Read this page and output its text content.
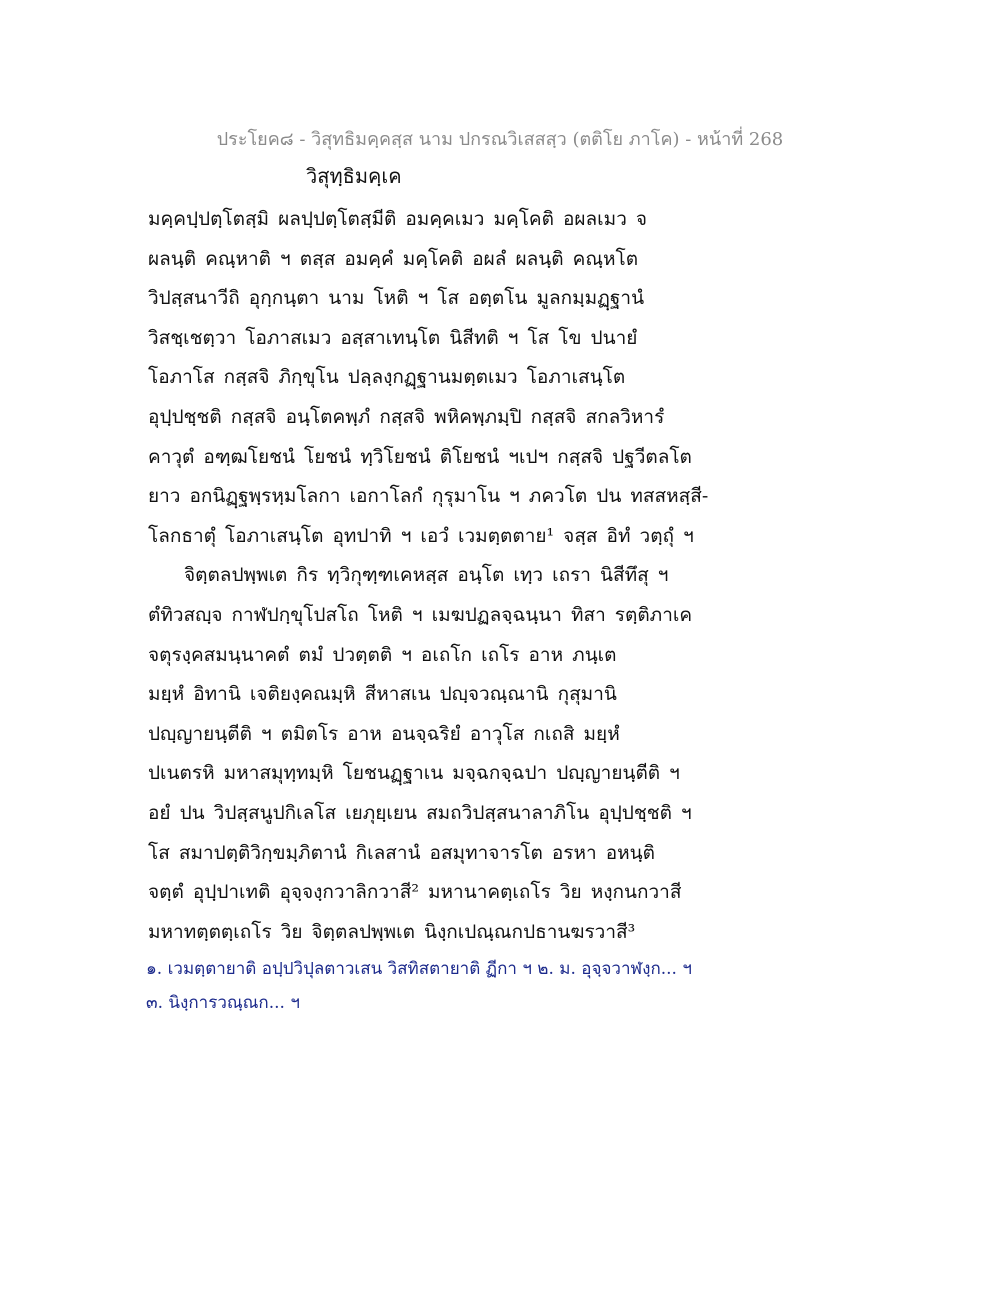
ประโยค๘ - วิสุทธิมคฺคสฺส นาม ปกรณวิเสสสฺว (ตติโย ภาโค) - หน้าที่ 268
วิสุทฺธิมคฺเค
มคฺคปฺปตฺโตสฺมิ ผลปฺปตฺโตสฺมีติ อมคฺคเมว มคฺโคติ อผลเมว จ
ผลนฺติ คณฺหาติ ฯ ตสฺส อมคฺคํ มคฺโคติ อผลํ ผลนฺติ คณฺหโต
วิปสฺสนาวีถิ อุกฺกนฺตา นาม โหติ ฯ โส อตฺตโน มูลกมฺมฏฺฐานํ
วิสชฺเชตฺวา โอภาสเมว อสฺสาเทนฺโต นิสีทติ ฯ โส โข ปนายํ
โอภาโส กสฺสจิ ภิกฺขุโน ปลฺลงฺกฏฺฐานมตฺตเมว โอภาเสนฺโต
อุปฺปชฺชติ กสฺสจิ อนฺโตคพฺภํ กสฺสจิ พหิคพฺภมฺปิ กสฺสจิ สกลวิหารํ
คาวุตํ อฑฺฒโยชนํ โยชนํ ทฺวิโยชนํ ติโยชนํ ฯเปฯ กสฺสจิ ปฐวีตลโต
ยาว อกนิฏฺฐพฺรหฺมโลกา เอกาโลกํ กุรุมาโน ฯ ภควโต ปน ทสสหสฺสี-
โลกธาตุํ โอภาเสนฺโต อุทปาทิ ฯ เอวํ เวมตฺตตาย¹ จสฺส อิทํ วตฺถุํ ฯ
จิตฺตลปพฺพเต กิร ทฺวิกุฑฺฑเคหสฺส อนฺโต เทฺว เถรา นิสีทึสุ ฯ
ตํทิวสญฺจ กาฬปกฺขุโปสโถ โหติ ฯ เมฆปฏลจฺฉนฺนา ทิสา รตฺติภาเค
จตุรงฺคสมนฺนาคตํ ตมํ ปวตฺตติ ฯ อเถโก เถโร อาห ภนฺเต
มยฺหํ อิทานิ เจติยงฺคณมฺหิ สีหาสเน ปญฺจวณฺณานิ กุสุมานิ
ปญฺญายนฺตีติ ฯ ตมิตโร อาห อนจฺฉริยํ อาวุโส กเถสิ มยฺหํ
ปเนตรหิ มหาสมุทฺทมฺหิ โยชนฏฺฐาเน มจฺฉกจฺฉปา ปญฺญายนฺตีติ ฯ
อยํ ปน วิปสฺสนูปกิเลโส เยภุยฺเยน สมถวิปสฺสนาลาภิโน อุปฺปชฺชติ ฯ
โส สมาปตฺติวิกฺขมฺภิตานํ กิเลสานํ อสมุทาจารโต อรหา อหนฺติ
จตฺตํ อุปฺปาเทติ อุจฺจงฺกวาลิกวาสี² มหานาคตฺเถโร วิย หงฺกนกวาสี
มหาทตฺตตฺเถโร วิย จิตฺตลปพฺพเต นิงฺกเปณฺณกปธานฆรวาสี³
๑. เวมตฺตายาติ อปฺปวิปุลตาวเสน วิสทิสตายาติ ฏีกา ฯ ๒. ม. อุจฺจวาฬงฺก... ฯ
๓. นิงฺการวณฺณก... ฯ
